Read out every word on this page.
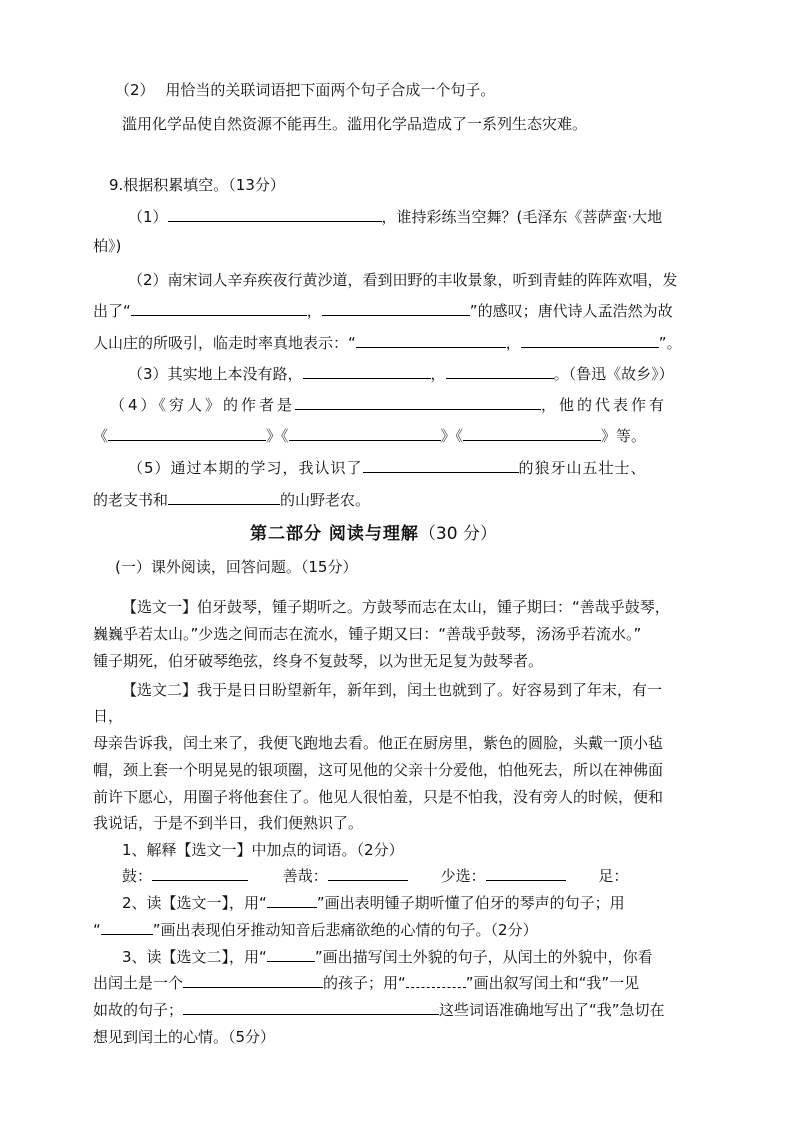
（2） 用恰当的关联词语把下面两个句子合成一个句子。
滥用化学品使自然资源不能再生。滥用化学品造成了一系列生态灾难。
9.根据积累填空。（13分）
（1）	，谁持彩练当空舞？(毛泽东《菩萨蛮·大地
柏》)
（2）南宋词人辛弃疾夜行黄沙道，看到田野的丰收景象，听到青蛙的阵阵欢唱，发
出了“	，	”的感叹；唐代诗人孟浩然为故
人山庄的所吸引，临走时率真地表示：“	，	”。
（3）其实地上本没有路，	，	。（鲁迅《故乡》）
（4）《穷人》的作者是	，他的代表作有
《	》《	》《	》等。
（5）通过本期的学习，我认识了	的狼牙山五壮士、
的老支书和	的山野老农。
第二部分 阅读与理解（30 分）
(一）课外阅读，回答问题。（15分）
【选文一】伯牙鼓琴，锺子期听之。方鼓琴而志在太山，锺子期曰：“善哉乎鼓琴，
巍巍乎若太山。”少选之间而志在流水，锺子期又曰：“善哉乎鼓琴，汤汤乎若流水。”
锺子期死，伯牙破琴绝弦，终身不复鼓琴，以为世无足复为鼓琴者。
【选文二】我于是日日盼望新年，新年到，闰土也就到了。好容易到了年末，有一
日，
母亲告诉我，闰土来了，我便飞跑地去看。他正在厨房里，紫色的圆脸，头戴一顶小毡
帽，颈上套一个明晃晃的银项圈，这可见他的父亲十分爱他，怕他死去，所以在神佛面
前许下愿心，用圈子将他套住了。他见人很怕羞，只是不怕我，没有旁人的时候，便和
我说话，于是不到半日，我们便熟识了。
1、解释【选文一】中加点的词语。（2分）
鼓：	善哉：	少选：	足：
2、读【选文一】，用“	”画出表明锺子期听懂了伯牙的琴声的句子；用
“	”画出表现伯牙推动知音后悲痛欲绝的心情的句子。（2分）
3、读【选文二】，用“	”画出描写闰土外貌的句子，从闰土的外貌中，你看
出闰土是一个	的孩子；用“	”画出叙写闰土和“我”一见
如故的句子；	这些词语准确地写出了“我”急切在
想见到闰土的心情。（5分）
